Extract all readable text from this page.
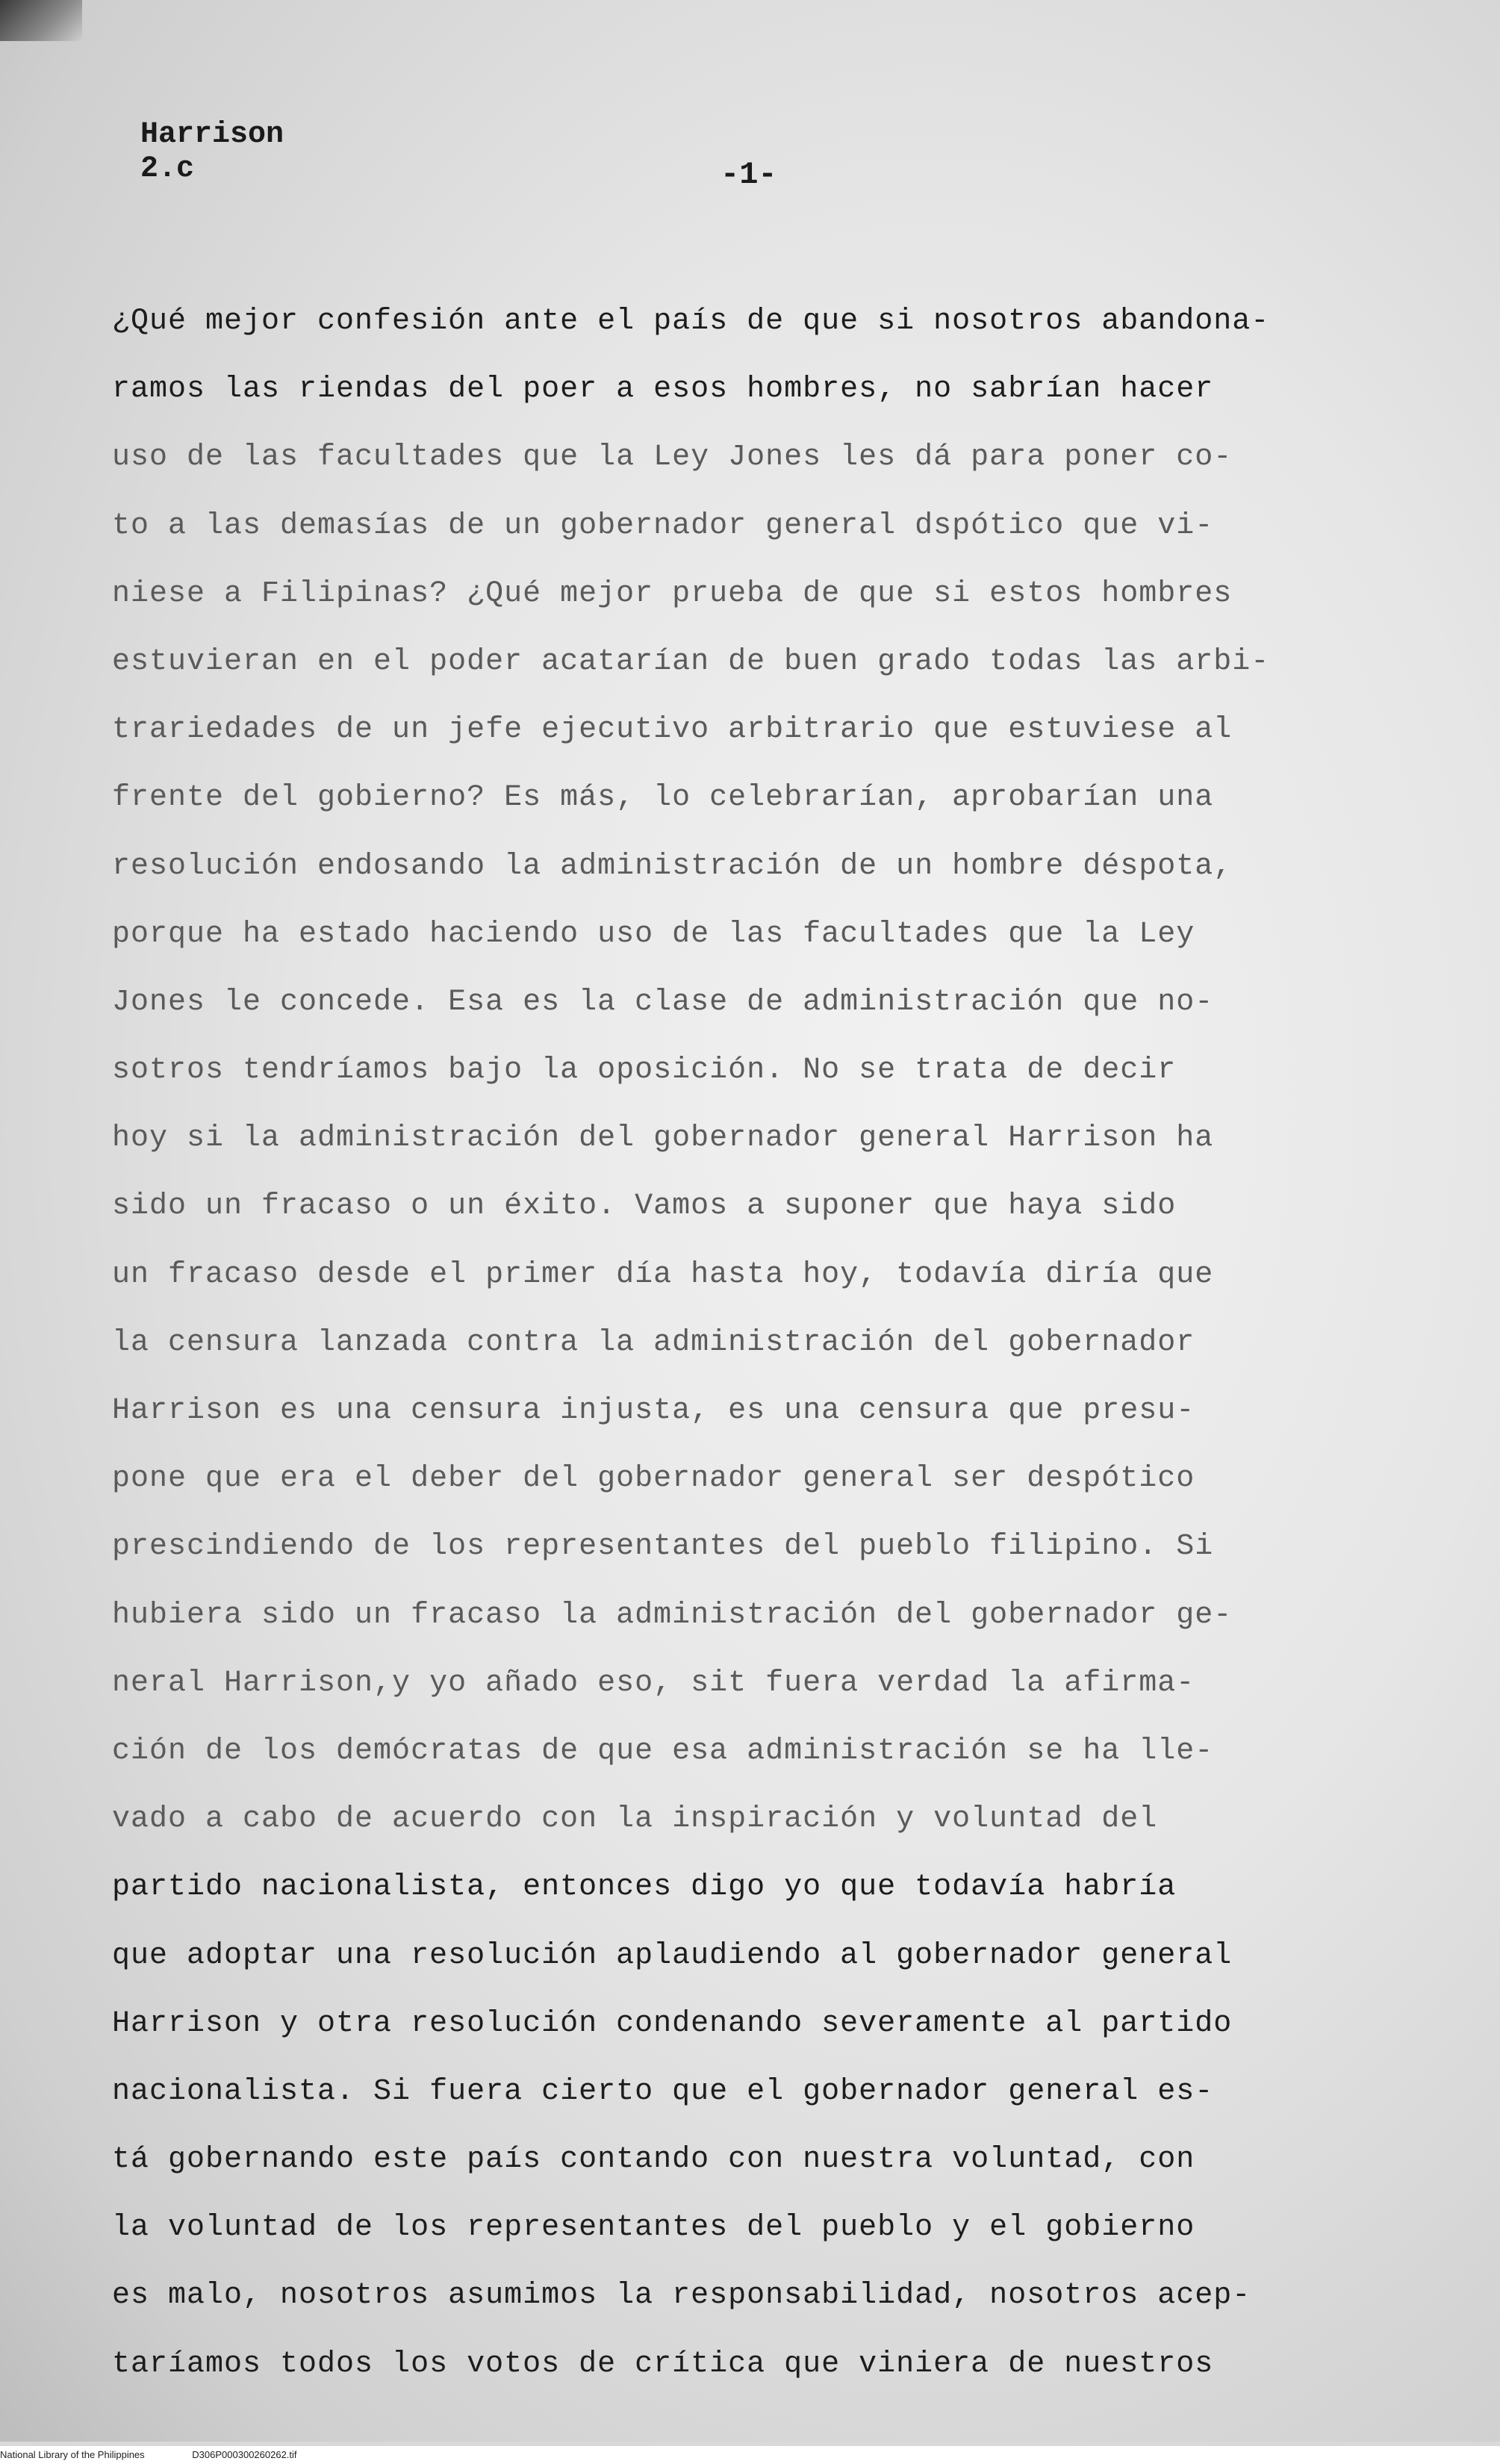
Harrison
2.c	-1-
¿Qué mejor confesión ante el país de que si nosotros abandona-
ramos las riendas del poer a esos hombres, no sabrían hacer
uso de las facultades que la Ley Jones les dá para poner co-
to a las demasías de un gobernador general dspótico que vi-
niese a Filipinas? ¿Qué mejor prueba de que si estos hombres
estuvieran en el poder acatarían de buen grado todas las arbi-
trariedades de un jefe ejecutivo arbitrario que estuviese al
frente del gobierno? Es más, lo celebrarían, aprobarían una
resolución endosando la administración de un hombre déspota,
porque ha estado haciendo uso de las facultades que la Ley
Jones le concede. Esa es la clase de administración que no-
sotros tendríamos bajo la oposición. No se trata de decir
hoy si la administración del gobernador general Harrison ha
sido un fracaso o un éxito. Vamos a suponer que haya sido
un fracaso desde el primer día hasta hoy, todavía diría que
la censura lanzada contra la administración del gobernador
Harrison es una censura injusta, es una censura que presu-
pone que era el deber del gobernador general ser despótico
prescindiendo de los representantes del pueblo filipino. Si
hubiera sido un fracaso la administración del gobernador ge-
neral Harrison,y yo añado eso, sit fuera verdad la afirma-
ción de los demócratas de que esa administración se ha lle-
vado a cabo de acuerdo con la inspiración y voluntad del
partido nacionalista, entonces digo yo que todavía habría
que adoptar una resolución aplaudiendo al gobernador general
Harrison y otra resolución condenando severamente al partido
nacionalista. Si fuera cierto que el gobernador general es-
tá gobernando este país contando con nuestra voluntad, con
la voluntad de los representantes del pueblo y el gobierno
es malo, nosotros asumimos la responsabilidad, nosotros acep-
taríamos todos los votos de crítica que viniera de nuestros
National Library of the Philippines	D306P000300260262.tif
